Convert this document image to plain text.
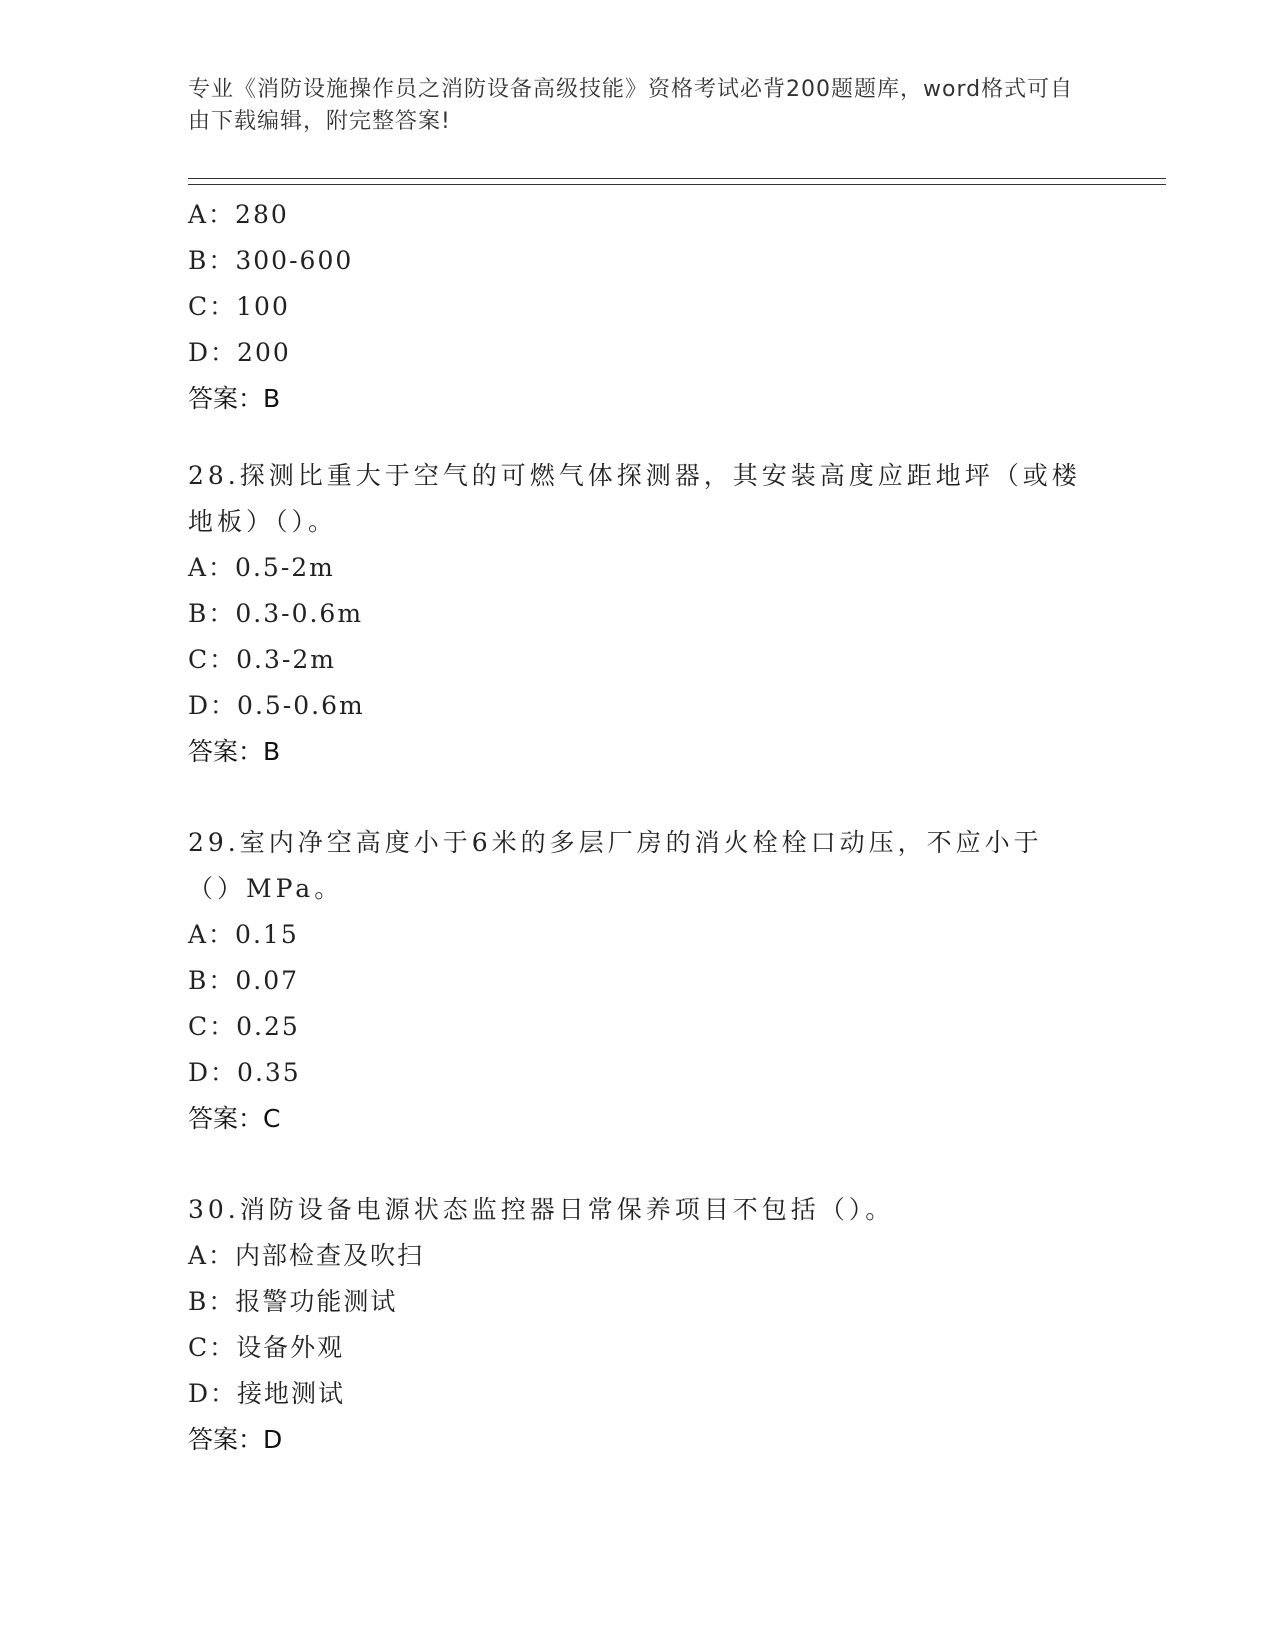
专业《消防设施操作员之消防设备高级技能》资格考试必背200题题库，word格式可自由下载编辑，附完整答案!
A：280
B：300-600
C：100
D：200
答案：B
28.探测比重大于空气的可燃气体探测器，其安装高度应距地坪（或楼地板）（）。
A：0.5-2m
B：0.3-0.6m
C：0.3-2m
D：0.5-0.6m
答案：B
29.室内净空高度小于6米的多层厂房的消火栓栓口动压，不应小于（）MPa。
A：0.15
B：0.07
C：0.25
D：0.35
答案：C
30.消防设备电源状态监控器日常保养项目不包括（）。
A：内部检查及吹扫
B：报警功能测试
C：设备外观
D：接地测试
答案：D
